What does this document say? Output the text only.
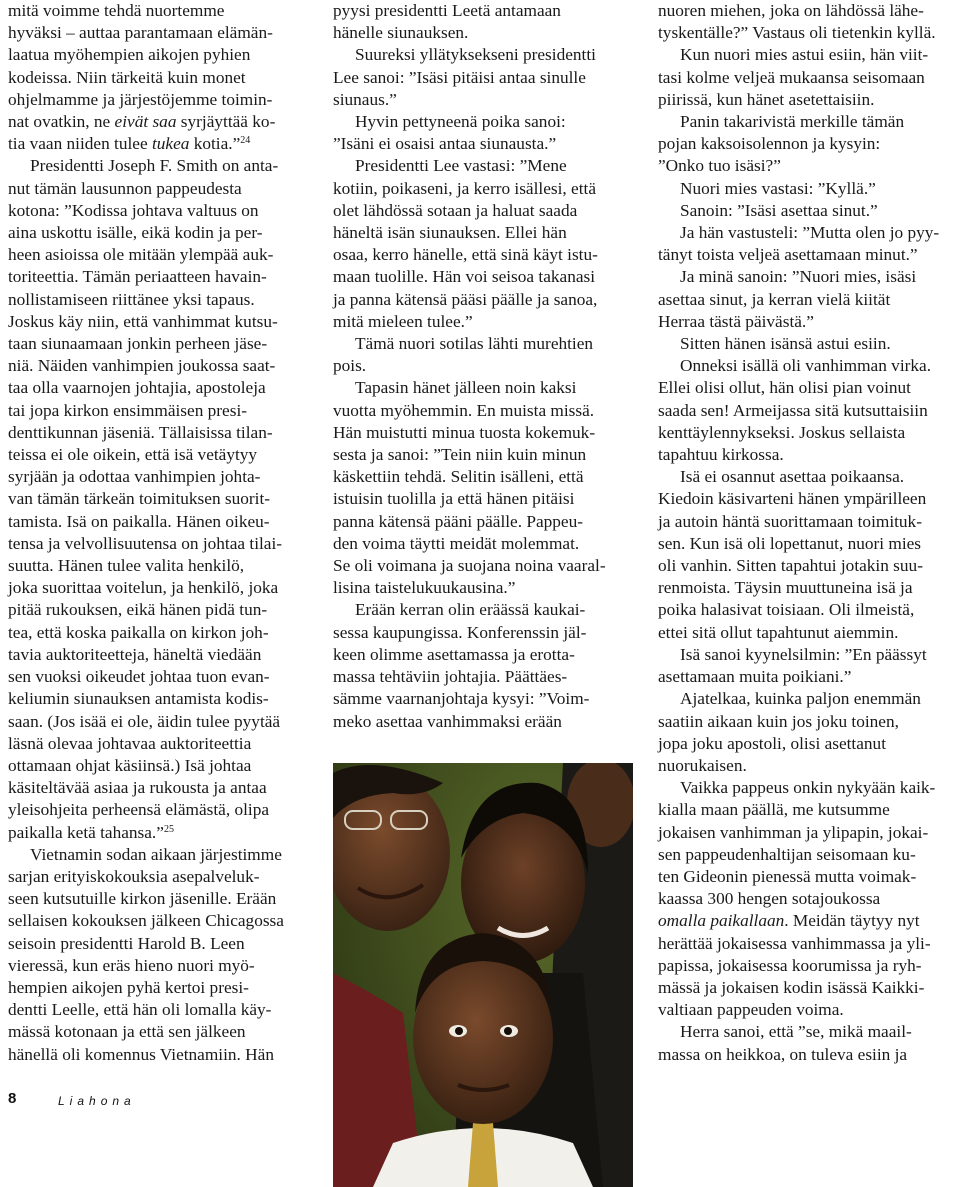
mitä voimme tehdä nuortemme
hyväksi – auttaa parantamaan elämän-
laatua myöhempien aikojen pyhien
kodeissa. Niin tärkeitä kuin monet
ohjelmamme ja järjestöjemme toimin-
nat ovatkin, ne eivät saa syrjäyttää ko-
tia vaan niiden tulee tukea kotia.”$^{24}$

Presidentti Joseph F. Smith on anta-
nut tämän lausunnon pappeudesta
kotona: ”Kodissa johtava valtuus on
aina uskottu isälle, eikä kodin ja per-
heen asioissa ole mitään ylempää auk-
toriteettia. Tämän periaatteen havain-
nollistamiseen riittänee yksi tapaus.
Joskus käy niin, että vanhimmat kutsu-
taan siunaamaan jonkin perheen jäse-
niä. Näiden vanhimpien joukossa saat-
taa olla vaarnojen johtajia, apostoleja
tai jopa kirkon ensimmäisen presi-
denttikunnan jäseniä. Tällaisissa tilan-
teissa ei ole oikein, että isä vetäytyy
syrjään ja odottaa vanhimpien johta-
van tämän tärkeän toimituksen suorit-
tamista. Isä on paikalla. Hänen oikeu-
tensa ja velvollisuutensa on johtaa tilai-
suutta. Hänen tulee valita henkilö,
joka suorittaa voitelun, ja henkilö, joka
pitää rukouksen, eikä hänen pidä tun-
tea, että koska paikalla on kirkon joh-
tavia auktoriteetteja, häneltä viedään
sen vuoksi oikeudet johtaa tuon evan-
keliumin siunauksen antamista kodis-
saan. (Jos isää ei ole, äidin tulee pyytää
läsnä olevaa johtavaa auktoriteettia
ottamaan ohjat käsiinsä.) Isä johtaa
käsiteltävää asiaa ja rukousta ja antaa
yleisohjeita perheensä elämästä, olipa
paikalla ketä tahansa.”$^{25}$

Vietnamin sodan aikaan järjestimme
sarjan erityiskokouksia asepalveluk-
seen kutsutuille kirkon jäsenille. Erään
sellaisen kokouksen jälkeen Chicagossa
seisoin presidentti Harold B. Leen
vieressä, kun eräs hieno nuori myö-
hempien aikojen pyhä kertoi presi-
dentti Leelle, että hän oli lomalla käy-
mässä kotonaan ja että sen jälkeen
hänellä oli komennus Vietnamiin. Hän

pyysi presidentti Leetä antamaan
hänelle siunauksen.

Suureksi yllätyksekseni presidentti
Lee sanoi: ”Isäsi pitäisi antaa sinulle
siunaus.”

Hyvin pettyneenä poika sanoi:
”Isäni ei osaisi antaa siunausta.”

Presidentti Lee vastasi: ”Mene
kotiin, poikaseni, ja kerro isällesi, että
olet lähdössä sotaan ja haluat saada
häneltä isän siunauksen. Ellei hän
osaa, kerro hänelle, että sinä käyt istu-
maan tuolille. Hän voi seisoa takanasi
ja panna kätensä pääsi päälle ja sanoa,
mitä mieleen tulee.”

Tämä nuori sotilas lähti murehtien
pois.

Tapasin hänet jälleen noin kaksi
vuotta myöhemmin. En muista missä.
Hän muistutti minua tuosta kokemuk-
sesta ja sanoi: ”Tein niin kuin minun
käskettiin tehdä. Selitin isälleni, että
istuisin tuolilla ja että hänen pitäisi
panna kätensä pääni päälle. Pappeu-
den voima täytti meidät molemmat.
Se oli voimana ja suojana noina vaaral-
lisina taistelukuukausina.”

Erään kerran olin eräässä kaukai-
sessa kaupungissa. Konferenssin jäl-
keen olimme asettamassa ja erotta-
massa tehtäviin johtajia. Päättäes-
sämme vaarnanjohtaja kysyi: ”Voim-
meko asettaa vanhimmaksi erään

nuoren miehen, joka on lähdössä lähe-
tyskentälle?” Vastaus oli tietenkin kyllä.

Kun nuori mies astui esiin, hän viit-
tasi kolme veljeä mukaansa seisomaan
piirissä, kun hänet asetettaisiin.

Panin takarivistä merkille tämän
pojan kaksoisolennon ja kysyin:
”Onko tuo isäsi?”

Nuori mies vastasi: ”Kyllä.”

Sanoin: ”Isäsi asettaa sinut.”

Ja hän vastusteli: ”Mutta olen jo pyy-
tänyt toista veljeä asettamaan minut.”

Ja minä sanoin: ”Nuori mies, isäsi
asettaa sinut, ja kerran vielä kiität
Herraa tästä päivästä.”

Sitten hänen isänsä astui esiin.

Onneksi isällä oli vanhimman virka.
Ellei olisi ollut, hän olisi pian voinut
saada sen! Armeijassa sitä kutsuttaisiin
kenttäylennykseksi. Joskus sellaista
tapahtuu kirkossa.

Isä ei osannut asettaa poikaansa.
Kiedoin käsivarteni hänen ympärilleen
ja autoin häntä suorittamaan toimituk-
sen. Kun isä oli lopettanut, nuori mies
oli vanhin. Sitten tapahtui jotakin suu-
renmoista. Täysin muuttuneina isä ja
poika halasivat toisiaan. Oli ilmeistä,
ettei sitä ollut tapahtunut aiemmin.

Isä sanoi kyynelsilmin: ”En päässyt
asettamaan muita poikiani.”

Ajatelkaa, kuinka paljon enemmän
saatiin aikaan kuin jos joku toinen,
jopa joku apostoli, olisi asettanut
nuorukaisen.

Vaikka pappeus onkin nykyään kaik-
kialla maan päällä, me kutsumme
jokaisen vanhimman ja ylipapin, jokai-
sen pappeudenhaltijan seisomaan ku-
ten Gideonin pienessä mutta voimak-
kaassa 300 hengen sotajoukossa
omalla paikallaan. Meidän täytyy nyt
herättää jokaisessa vanhimmassa ja yli-
papissa, jokaisessa koorumissa ja ryh-
mässä ja jokaisen kodin isässä Kaikki-
valtiaan pappeuden voima.

Herra sanoi, että ”se, mikä maail-
massa on heikkoa, on tuleva esiin ja

8	Liahona
